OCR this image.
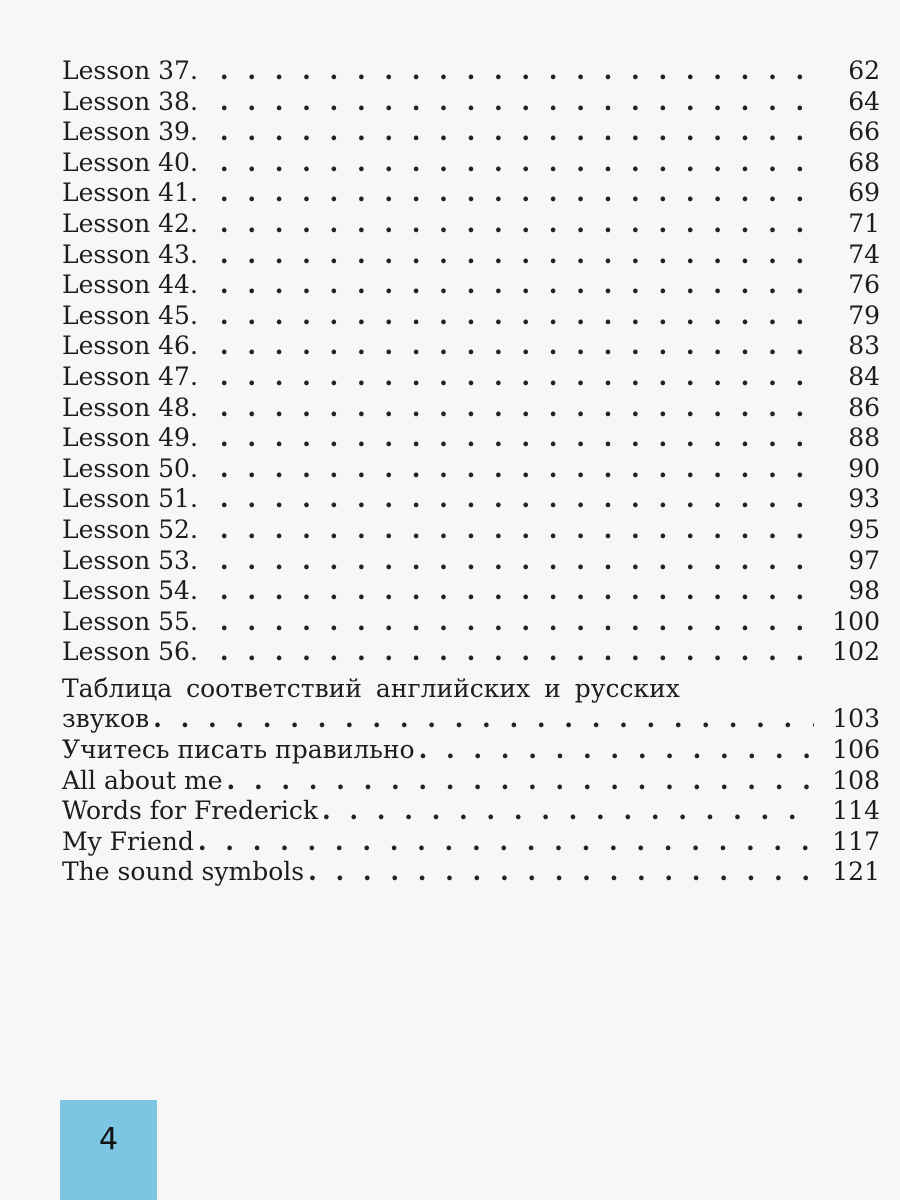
Lesson 37. . . .	62
Lesson 38. . . .	64
Lesson 39. . . .	66
Lesson 40. . . .	68
Lesson 41. . . .	69
Lesson 42. . . .	71
Lesson 43. . . .	74
Lesson 44. . . .	76
Lesson 45. . . .	79
Lesson 46. . . .	83
Lesson 47. . . .	84
Lesson 48. . . .	86
Lesson 49. . . .	88
Lesson 50. . . .	90
Lesson 51. . . .	93
Lesson 52. . . .	95
Lesson 53. . . .	97
Lesson 54. . . .	98
Lesson 55. . . .	100
Lesson 56. . . .	102
Таблица соответствий английских и русских
звуков . . .	103
Учитесь писать правильно . . .	106
All about me . . .	108
Words for Frederick . . .	114
My Friend . . .	117
The sound symbols . . .	121
4
